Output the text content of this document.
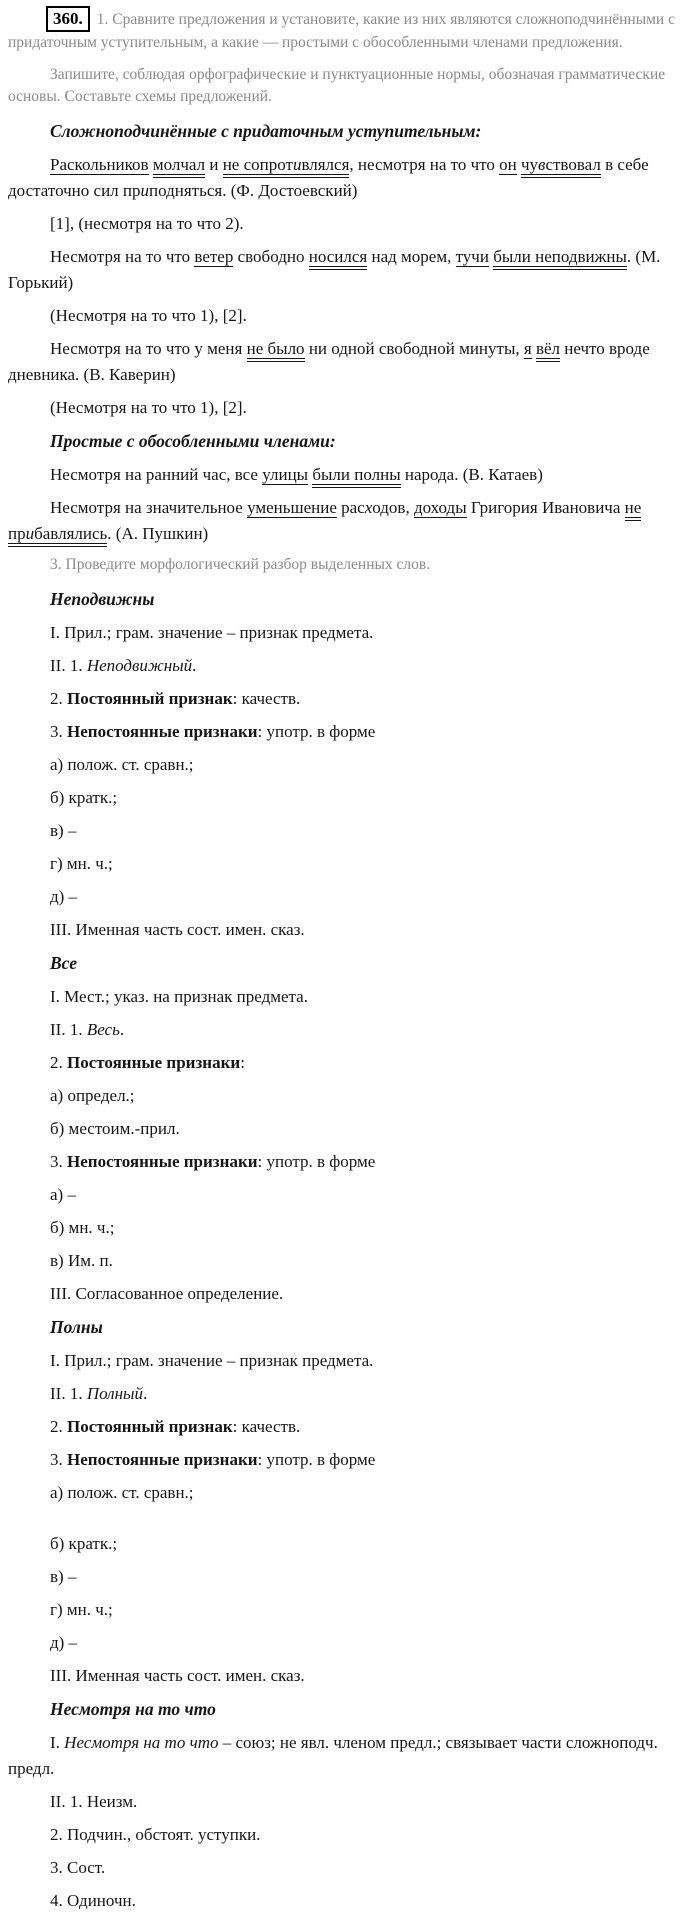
360. 1. Сравните предложения и установите, какие из них являются сложноподчинёнными с придаточным уступительным, а какие — простыми с обособленными членами предложения.

Запишите, соблюдая орфографические и пунктуационные нормы, обозначая грамматические основы. Составьте схемы предложений.

Сложноподчинённые с придаточным уступительным:

Раскольников молчал и не сопротивлялся, несмотря на то что он чувствовал в себе достаточно сил приподняться. (Ф. Достоевский)

[1], (несмотря на то что 2).

Несмотря на то что ветер свободно носился над морем, тучи были неподвижны. (М. Горький)

(Несмотря на то что 1), [2].

Несмотря на то что у меня не было ни одной свободной минуты, я вёл нечто вроде дневника. (В. Каверин)

(Несмотря на то что 1), [2].

Простые с обособленными членами:

Несмотря на ранний час, все улицы были полны народа. (В. Катаев)

Несмотря на значительное уменьшение расходов, доходы Григория Ивановича не прибавлялись. (А. Пушкин)

3. Проведите морфологический разбор выделенных слов.

Неподвижны

I. Прил.; грам. значение – признак предмета.

II. 1. Неподвижный.

2. Постоянный признак: качеств.

3. Непостоянные признаки: употр. в форме

а) полож. ст. сравн.;

б) кратк.;

в) –

г) мн. ч.;

д) –

III. Именная часть сост. имен. сказ.

Все

I. Мест.; указ. на признак предмета.

II. 1. Весь.

2. Постоянные признаки:

а) определ.;

б) местоим.-прил.

3. Непостоянные признаки: употр. в форме

а) –

б) мн. ч.;

в) Им. п.

III. Согласованное определение.

Полны

I. Прил.; грам. значение – признак предмета.

II. 1. Полный.

2. Постоянный признак: качеств.

3. Непостоянные признаки: употр. в форме

а) полож. ст. сравн.;

б) кратк.;

в) –

г) мн. ч.;

д) –

III. Именная часть сост. имен. сказ.

Несмотря на то что

I. Несмотря на то что – союз; не явл. членом предл.; связывает части сложноподч. предл.

II. 1. Неизм.

2. Подчин., обстоят. уступки.

3. Сост.

4. Одиночн.
